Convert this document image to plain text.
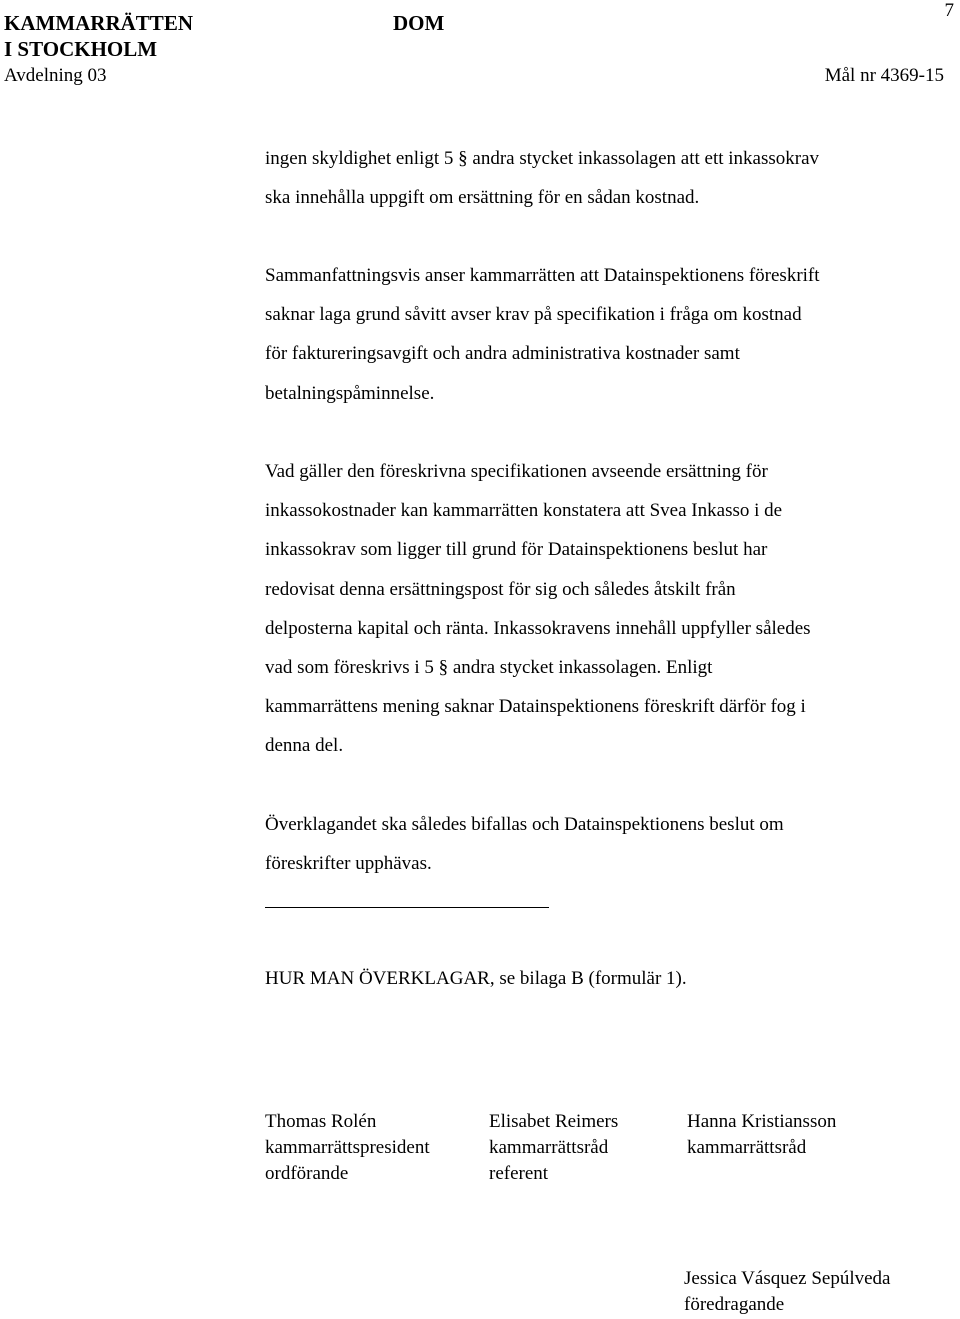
KAMMARRÄTTEN
I STOCKHOLM
DOM
7
Avdelning 03	Mål nr 4369-15

ingen skyldighet enligt 5 § andra stycket inkassolagen att ett inkassokrav
ska innehålla uppgift om ersättning för en sådan kostnad.

Sammanfattningsvis anser kammarrätten att Datainspektionens föreskrift
saknar laga grund såvitt avser krav på specifikation i fråga om kostnad
för faktureringsavgift och andra administrativa kostnader samt
betalningspåminnelse.

Vad gäller den föreskrivna specifikationen avseende ersättning för
inkassokostnader kan kammarrätten konstatera att Svea Inkasso i de
inkassokrav som ligger till grund för Datainspektionens beslut har
redovisat denna ersättningspost för sig och således åtskilt från
delposterna kapital och ränta. Inkassokravens innehåll uppfyller således
vad som föreskrivs i 5 § andra stycket inkassolagen. Enligt
kammarrättens mening saknar Datainspektionens föreskrift därför fog i
denna del.

Överklagandet ska således bifallas och Datainspektionens beslut om
föreskrifter upphävas.

HUR MAN ÖVERKLAGAR, se bilaga B (formulär 1).
Thomas Rolén
kammarrättspresident
ordförande
Elisabet Reimers
kammarrättsråd
referent
Hanna Kristiansson
kammarrättsråd
Jessica Vásquez Sepúlveda
föredragande
